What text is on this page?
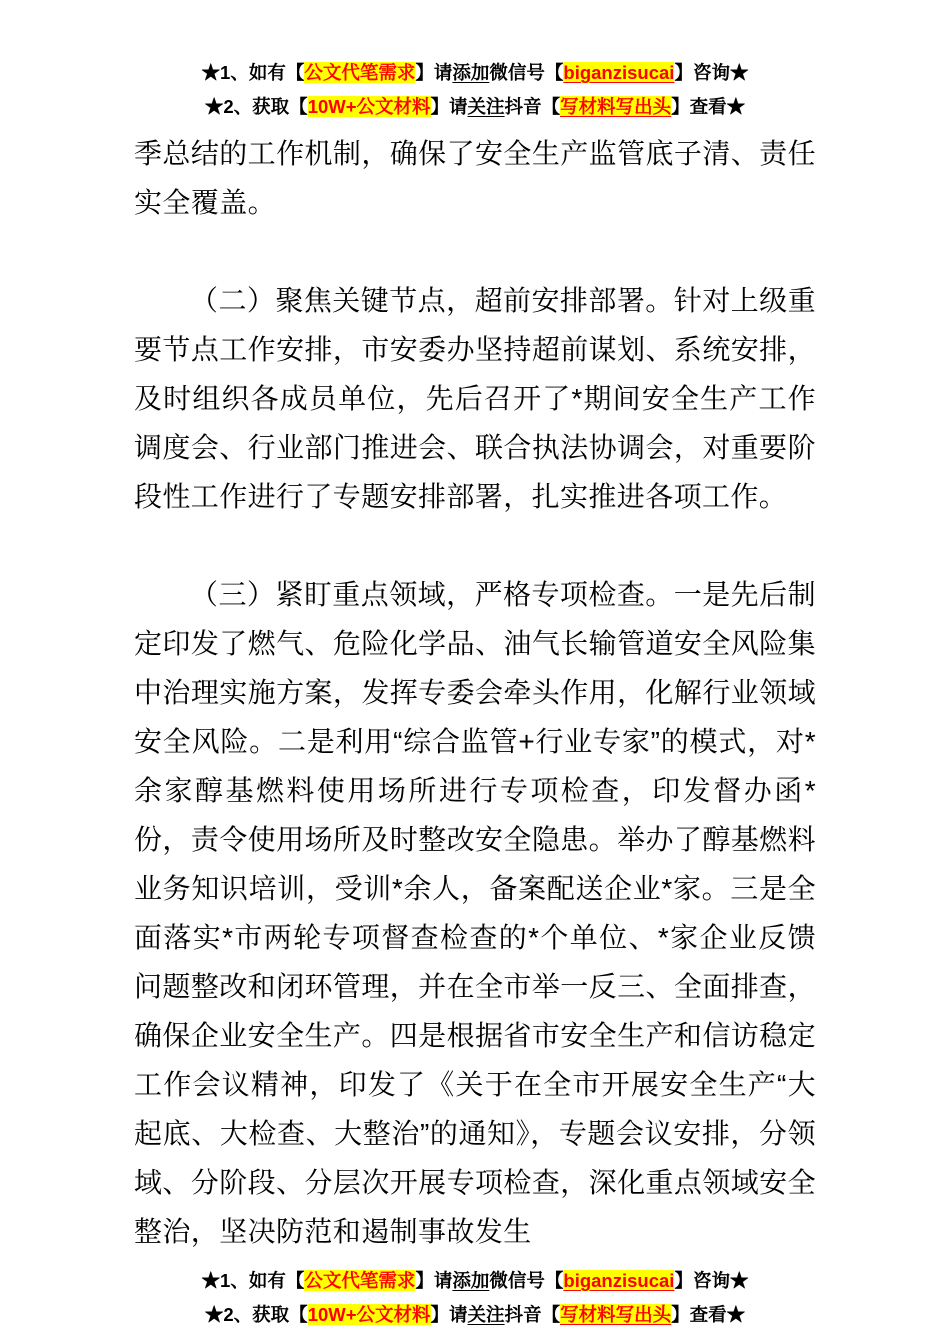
★1、如有【公文代笔需求】请添加微信号【biganzisucai】咨询★
★2、获取【10W+公文材料】请关注抖音【写材料写出头】查看★

季总结的工作机制，确保了安全生产监管底子清、责任实全覆盖。

（二）聚焦关键节点，超前安排部署。针对上级重要节点工作安排，市安委办坚持超前谋划、系统安排，及时组织各成员单位，先后召开了*期间安全生产工作调度会、行业部门推进会、联合执法协调会，对重要阶段性工作进行了专题安排部署，扎实推进各项工作。

（三）紧盯重点领域，严格专项检查。一是先后制定印发了燃气、危险化学品、油气长输管道安全风险集中治理实施方案，发挥专委会牵头作用，化解行业领域安全风险。二是利用“综合监管+行业专家”的模式，对*余家醇基燃料使用场所进行专项检查，印发督办函*份，责令使用场所及时整改安全隐患。举办了醇基燃料业务知识培训，受训*余人，备案配送企业*家。三是全面落实*市两轮专项督查检查的*个单位、*家企业反馈问题整改和闭环管理，并在全市举一反三、全面排查，确保企业安全生产。四是根据省市安全生产和信访稳定工作会议精神，印发了《关于在全市开展安全生产“大起底、大检查、大整治”的通知》，专题会议安排，分领域、分阶段、分层次开展专项检查，深化重点领域安全整治，坚决防范和遏制事故发生

★1、如有【公文代笔需求】请添加微信号【biganzisucai】咨询★
★2、获取【10W+公文材料】请关注抖音【写材料写出头】查看★
